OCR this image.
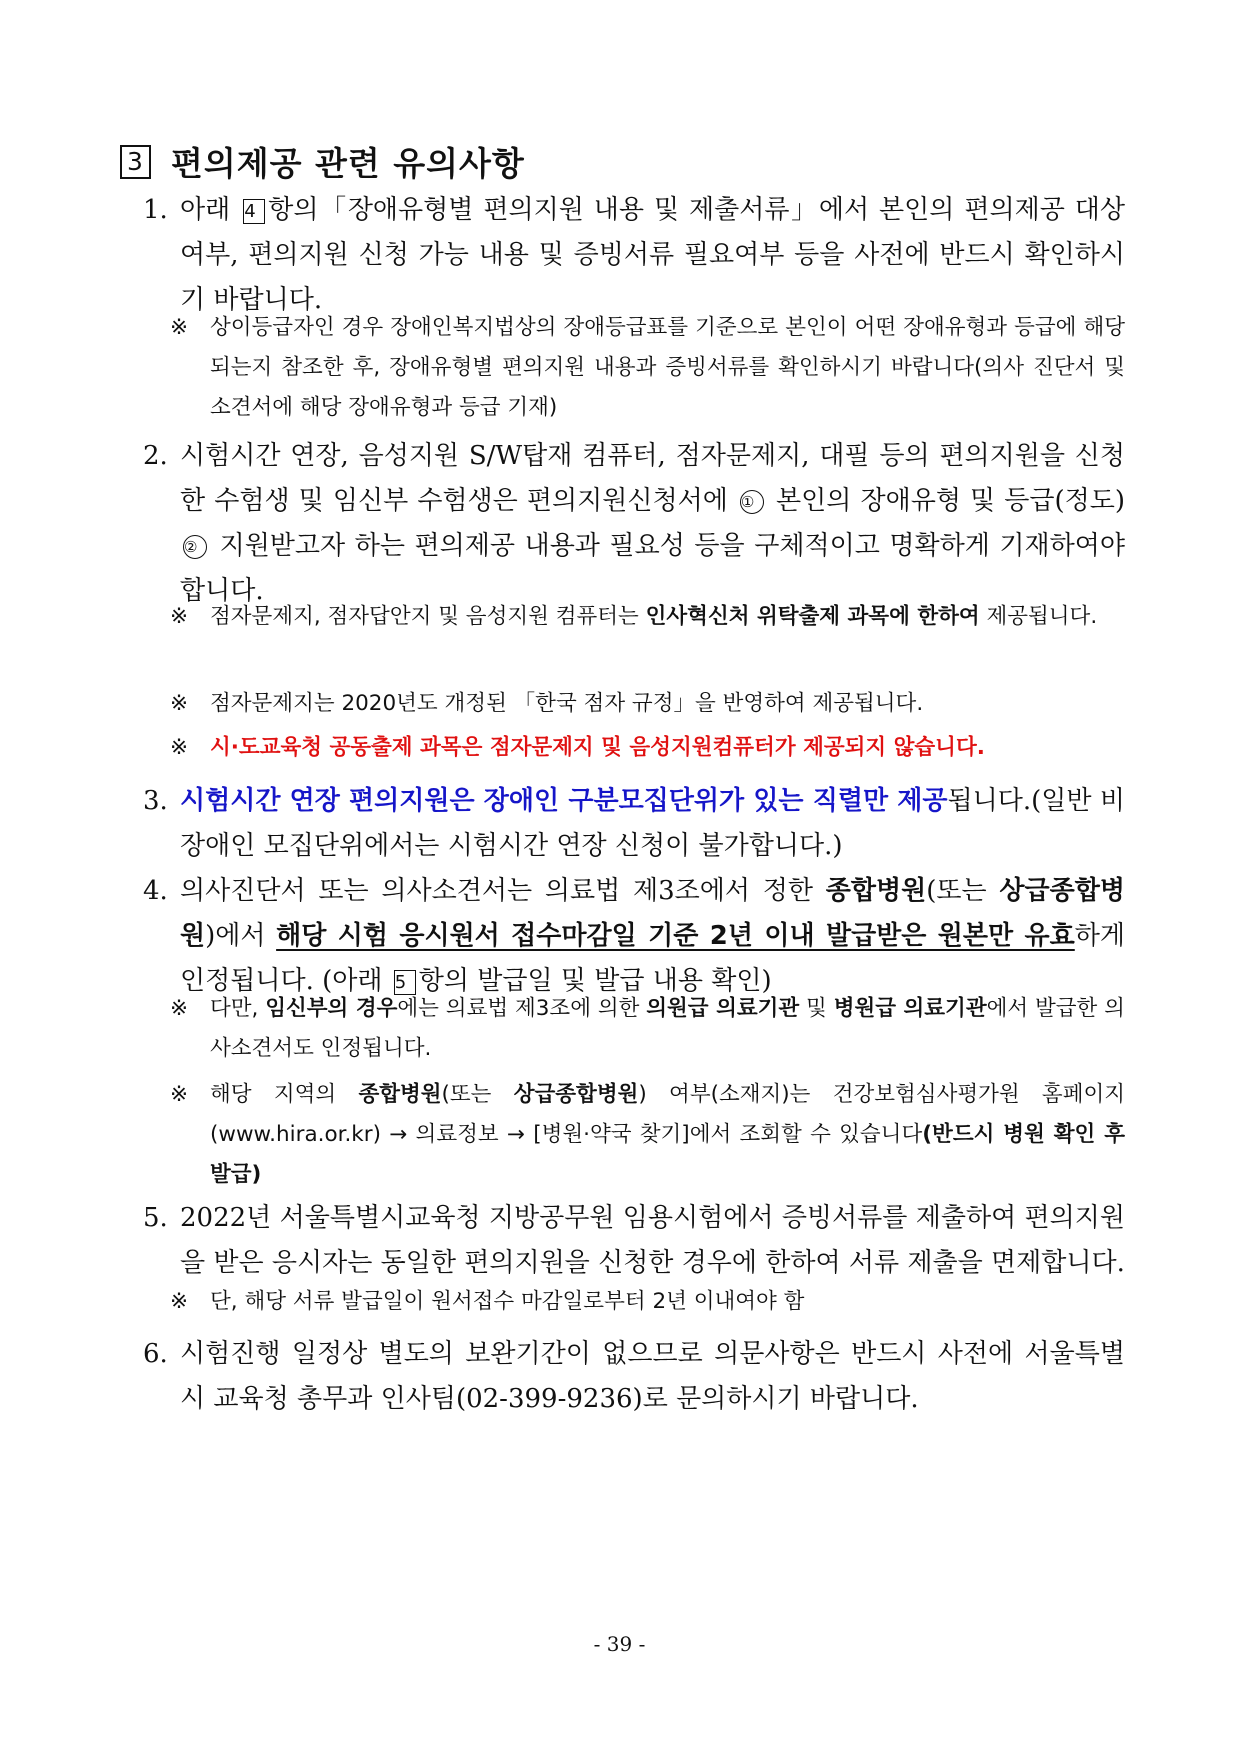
3 편의제공 관련 유의사항
1. 아래 4 항의「장애유형별 편의지원 내용 및 제출서류」에서 본인의 편의제공 대상 여부, 편의지원 신청 가능 내용 및 증빙서류 필요여부 등을 사전에 반드시 확인하시기 바랍니다.
※ 상이등급자인 경우 장애인복지법상의 장애등급표를 기준으로 본인이 어떤 장애유형과 등급에 해당되는지 참조한 후, 장애유형별 편의지원 내용과 증빙서류를 확인하시기 바랍니다(의사 진단서 및 소견서에 해당 장애유형과 등급 기재)
2. 시험시간 연장, 음성지원 S/W탑재 컴퓨터, 점자문제지, 대필 등의 편의지원을 신청한 수험생 및 임신부 수험생은 편의지원신청서에 ① 본인의 장애유형 및 등급(정도) ② 지원받고자 하는 편의제공 내용과 필요성 등을 구체적이고 명확하게 기재하여야 합니다.
※ 점자문제지, 점자답안지 및 음성지원 컴퓨터는 인사혁신처 위탁출제 과목에 한하여 제공됩니다.
※ 점자문제지는 2020년도 개정된 「한국 점자 규정」을 반영하여 제공됩니다.
※ 시·도교육청 공동출제 과목은 점자문제지 및 음성지원컴퓨터가 제공되지 않습니다.
3. 시험시간 연장 편의지원은 장애인 구분모집단위가 있는 직렬만 제공됩니다.(일반 비장애인 모집단위에서는 시험시간 연장 신청이 불가합니다.)
4. 의사진단서 또는 의사소견서는 의료법 제3조에서 정한 종합병원(또는 상급종합병원)에서 해당 시험 응시원서 접수마감일 기준 2년 이내 발급받은 원본만 유효하게 인정됩니다. (아래 5 항의 발급일 및 발급 내용 확인)
※ 다만, 임신부의 경우에는 의료법 제3조에 의한 의원급 의료기관 및 병원급 의료기관에서 발급한 의사소견서도 인정됩니다.
※ 해당 지역의 종합병원(또는 상급종합병원) 여부(소재지)는 건강보험심사평가원 홈페이지 (www.hira.or.kr) → 의료정보 → [병원·약국 찾기]에서 조회할 수 있습니다(반드시 병원 확인 후 발급)
5. 2022년 서울특별시교육청 지방공무원 임용시험에서 증빙서류를 제출하여 편의지원을 받은 응시자는 동일한 편의지원을 신청한 경우에 한하여 서류 제출을 면제합니다.
※ 단, 해당 서류 발급일이 원서접수 마감일로부터 2년 이내여야 함
6. 시험진행 일정상 별도의 보완기간이 없으므로 의문사항은 반드시 사전에 서울특별시 교육청 총무과 인사팀(02-399-9236)로 문의하시기 바랍니다.
- 39 -
